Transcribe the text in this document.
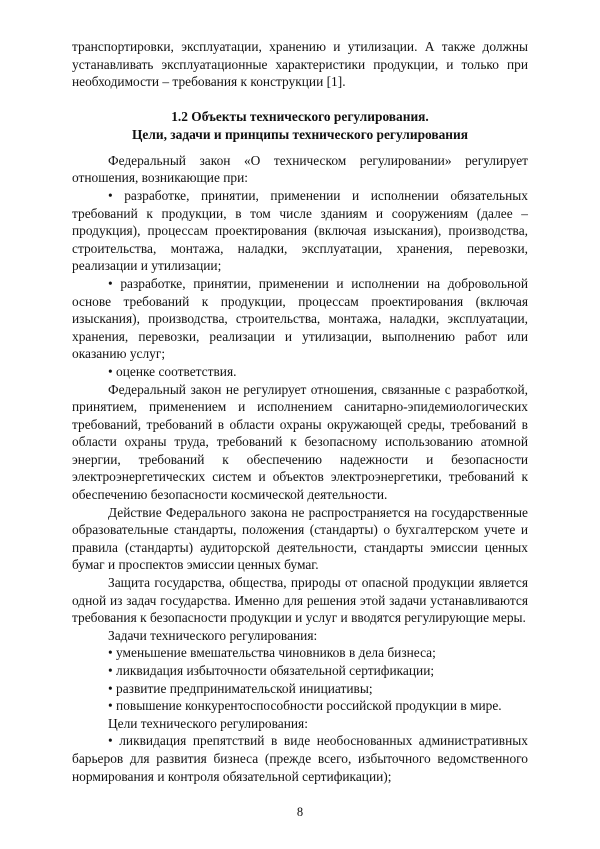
транспортировки, эксплуатации, хранению и утилизации. А также должны устанавливать эксплуатационные характеристики продукции, и только при необходимости – требования к конструкции [1].

1.2 Объекты технического регулирования.
Цели, задачи и принципы технического регулирования

Федеральный закон «О техническом регулировании» регулирует отношения, возникающие при:

• разработке, принятии, применении и исполнении обязательных требований к продукции, в том числе зданиям и сооружениям (далее – продукция), процессам проектирования (включая изыскания), производства, строительства, монтажа, наладки, эксплуатации, хранения, перевозки, реализации и утилизации;

• разработке, принятии, применении и исполнении на добровольной основе требований к продукции, процессам проектирования (включая изыскания), производства, строительства, монтажа, наладки, эксплуатации, хранения, перевозки, реализации и утилизации, выполнению работ или оказанию услуг;

• оценке соответствия.

Федеральный закон не регулирует отношения, связанные с разработкой, принятием, применением и исполнением санитарно-эпидемиологических требований, требований в области охраны окружающей среды, требований в области охраны труда, требований к безопасному использованию атомной энергии, требований к обеспечению надежности и безопасности электроэнергетических систем и объектов электроэнергетики, требований к обеспечению безопасности космической деятельности.

Действие Федерального закона не распространяется на государственные образовательные стандарты, положения (стандарты) о бухгалтерском учете и правила (стандарты) аудиторской деятельности, стандарты эмиссии ценных бумаг и проспектов эмиссии ценных бумаг.

Защита государства, общества, природы от опасной продукции является одной из задач государства. Именно для решения этой задачи устанавливаются требования к безопасности продукции и услуг и вводятся регулирующие меры.

Задачи технического регулирования:

• уменьшение вмешательства чиновников в дела бизнеса;

• ликвидация избыточности обязательной сертификации;

• развитие предпринимательской инициативы;

• повышение конкурентоспособности российской продукции в мире.

Цели технического регулирования:

• ликвидация препятствий в виде необоснованных административных барьеров для развития бизнеса (прежде всего, избыточного ведомственного нормирования и контроля обязательной сертификации);

8
